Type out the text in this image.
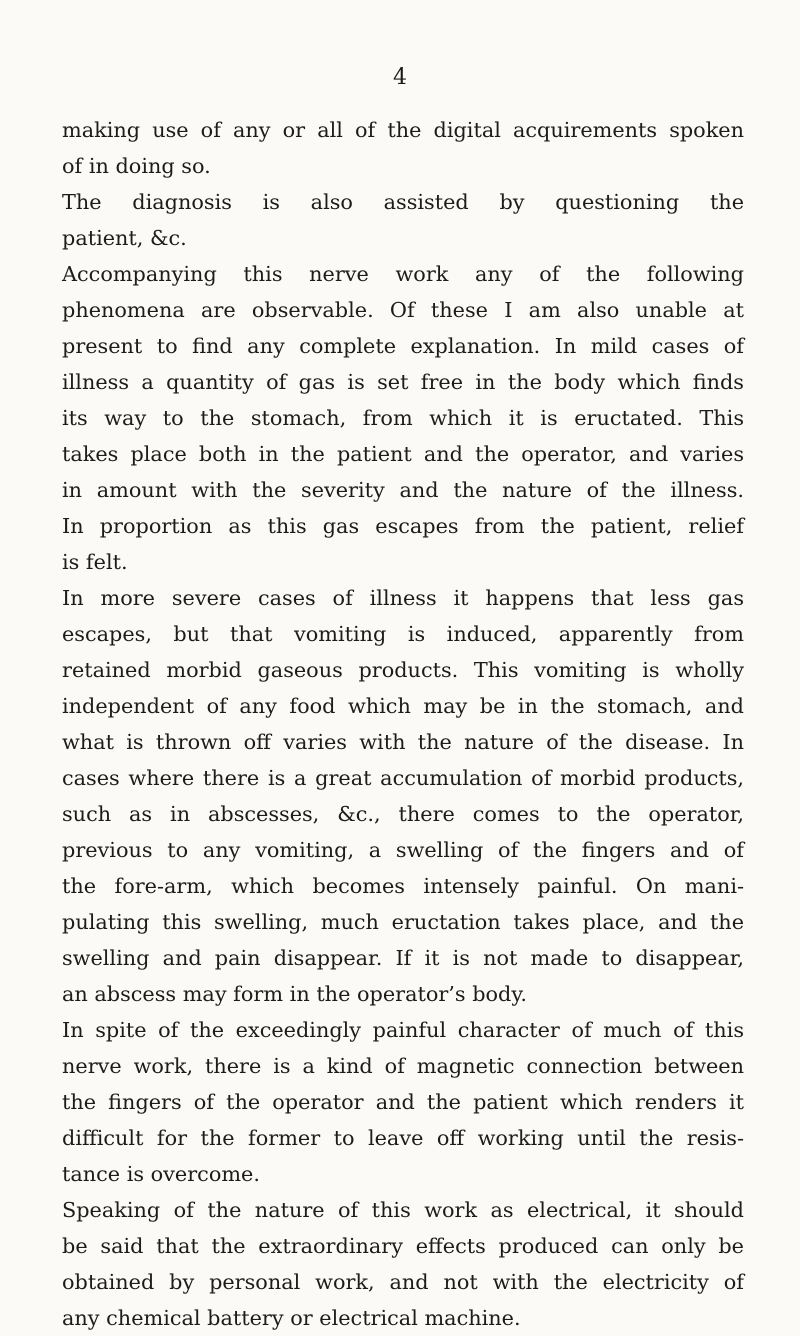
4
making use of any or all of the digital acquirements spoken
of in doing so.
The diagnosis is also assisted by questioning the
patient, &c.
Accompanying this nerve work any of the following
phenomena are observable. Of these I am also unable at
present to find any complete explanation. In mild cases of
illness a quantity of gas is set free in the body which finds
its way to the stomach, from which it is eructated. This
takes place both in the patient and the operator, and varies
in amount with the severity and the nature of the illness.
In proportion as this gas escapes from the patient, relief
is felt.
In more severe cases of illness it happens that less gas
escapes, but that vomiting is induced, apparently from
retained morbid gaseous products. This vomiting is wholly
independent of any food which may be in the stomach, and
what is thrown off varies with the nature of the disease. In
cases where there is a great accumulation of morbid products,
such as in abscesses, &c., there comes to the operator,
previous to any vomiting, a swelling of the fingers and of
the fore-arm, which becomes intensely painful. On mani-
pulating this swelling, much eructation takes place, and the
swelling and pain disappear. If it is not made to disappear,
an abscess may form in the operator’s body.
In spite of the exceedingly painful character of much of this
nerve work, there is a kind of magnetic connection between
the fingers of the operator and the patient which renders it
difficult for the former to leave off working until the resis-
tance is overcome.
Speaking of the nature of this work as electrical, it should
be said that the extraordinary effects produced can only be
obtained by personal work, and not with the electricity of
any chemical battery or electrical machine.
